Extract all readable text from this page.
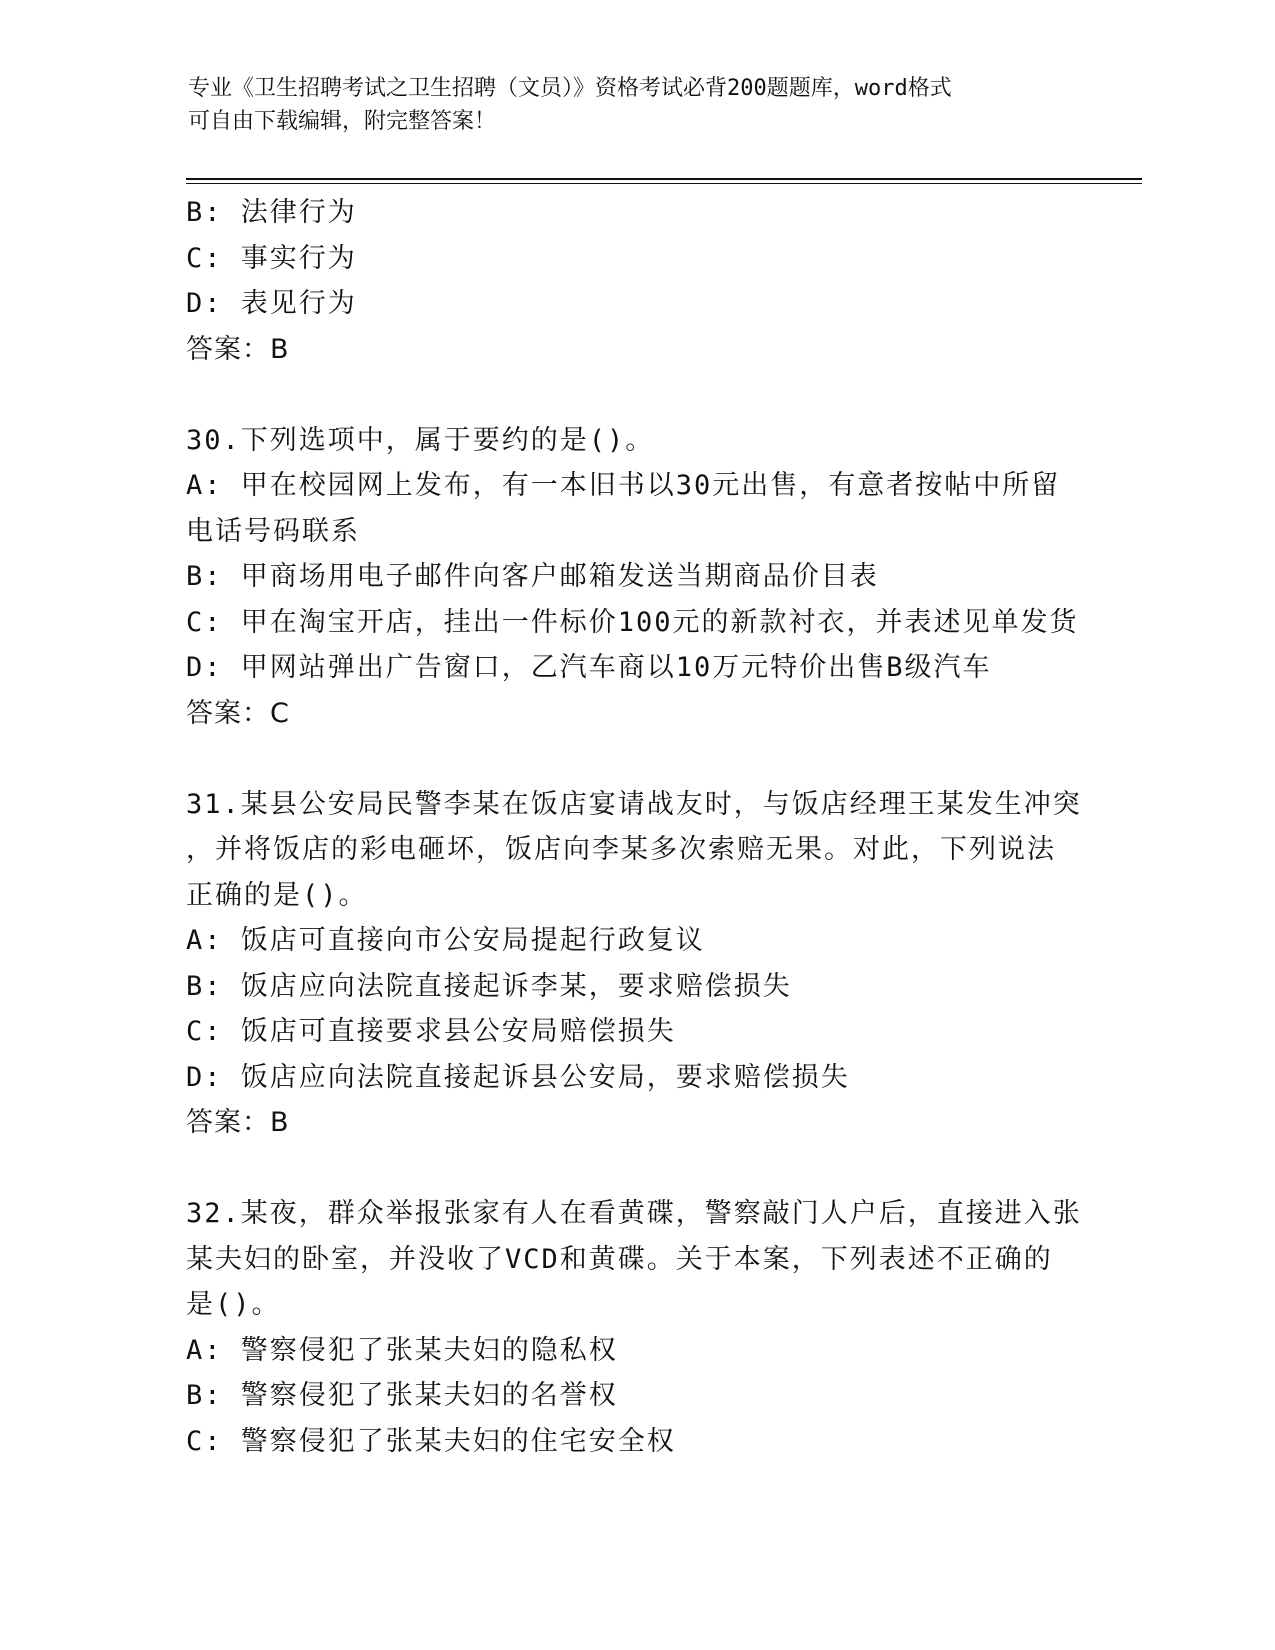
专业《卫生招聘考试之卫生招聘（文员）》资格考试必背200题题库，word格式
可自由下载编辑，附完整答案！
B: 法律行为
C: 事实行为
D: 表见行为
答案：B
30.下列选项中，属于要约的是()。
A: 甲在校园网上发布，有一本旧书以30元出售，有意者按帖中所留
电话号码联系
B: 甲商场用电子邮件向客户邮箱发送当期商品价目表
C: 甲在淘宝开店，挂出一件标价100元的新款衬衣，并表述见单发货
D: 甲网站弹出广告窗口，乙汽车商以10万元特价出售B级汽车
答案：C
31.某县公安局民警李某在饭店宴请战友时，与饭店经理王某发生冲突
，并将饭店的彩电砸坏，饭店向李某多次索赔无果。对此，下列说法
正确的是()。
A: 饭店可直接向市公安局提起行政复议
B: 饭店应向法院直接起诉李某，要求赔偿损失
C: 饭店可直接要求县公安局赔偿损失
D: 饭店应向法院直接起诉县公安局，要求赔偿损失
答案：B
32.某夜，群众举报张家有人在看黄碟，警察敲门人户后，直接进入张
某夫妇的卧室，并没收了VCD和黄碟。关于本案，下列表述不正确的
是()。
A: 警察侵犯了张某夫妇的隐私权
B: 警察侵犯了张某夫妇的名誉权
C: 警察侵犯了张某夫妇的住宅安全权
